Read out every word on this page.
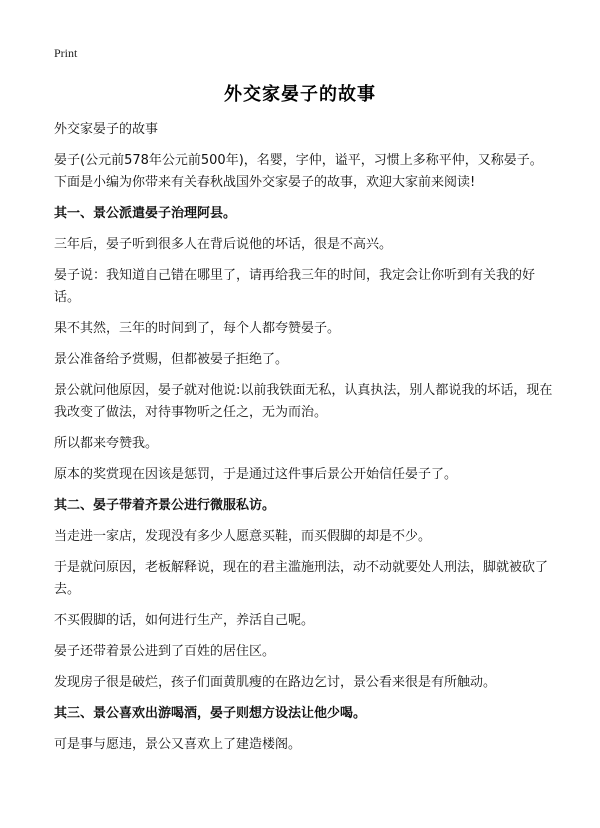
Print
外交家晏子的故事

外交家晏子的故事

晏子(公元前578年公元前500年)，名婴，字仲，谥平，习惯上多称平仲，又称晏子。下面是小编为你带来有关春秋战国外交家晏子的故事，欢迎大家前来阅读!

其一、景公派遣晏子治理阿县。

三年后，晏子听到很多人在背后说他的坏话，很是不高兴。

晏子说：我知道自己错在哪里了，请再给我三年的时间，我定会让你听到有关我的好话。

果不其然，三年的时间到了，每个人都夸赞晏子。

景公准备给予赏赐，但都被晏子拒绝了。

景公就问他原因，晏子就对他说:以前我铁面无私，认真执法，别人都说我的坏话，现在我改变了做法，对待事物听之任之，无为而治。

所以都来夸赞我。

原本的奖赏现在因该是惩罚，于是通过这件事后景公开始信任晏子了。

其二、晏子带着齐景公进行微服私访。

当走进一家店，发现没有多少人愿意买鞋，而买假脚的却是不少。

于是就问原因，老板解释说，现在的君主滥施刑法，动不动就要处人刑法，脚就被砍了去。

不买假脚的话，如何进行生产，养活自己呢。

晏子还带着景公进到了百姓的居住区。

发现房子很是破烂，孩子们面黄肌瘦的在路边乞讨，景公看来很是有所触动。

其三、景公喜欢出游喝酒，晏子则想方设法让他少喝。

可是事与愿违，景公又喜欢上了建造楼阁。
